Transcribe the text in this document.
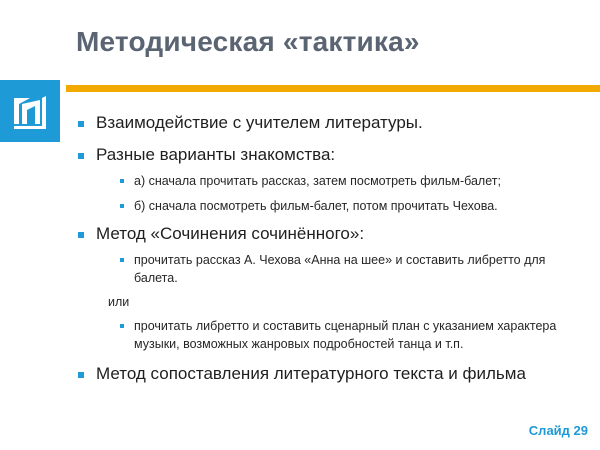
Методическая «тактика»
Взаимодействие с учителем литературы.
Разные варианты знакомства:
а) сначала прочитать рассказ, затем посмотреть фильм-балет;
б) сначала посмотреть фильм-балет, потом прочитать Чехова.
Метод «Сочинения сочинённого»:
прочитать рассказ А. Чехова «Анна на шее» и составить либретто для балета.
или
прочитать либретто и составить сценарный план с указанием характера музыки, возможных жанровых подробностей танца и т.п.
Метод сопоставления литературного текста и фильма
Слайд 29
